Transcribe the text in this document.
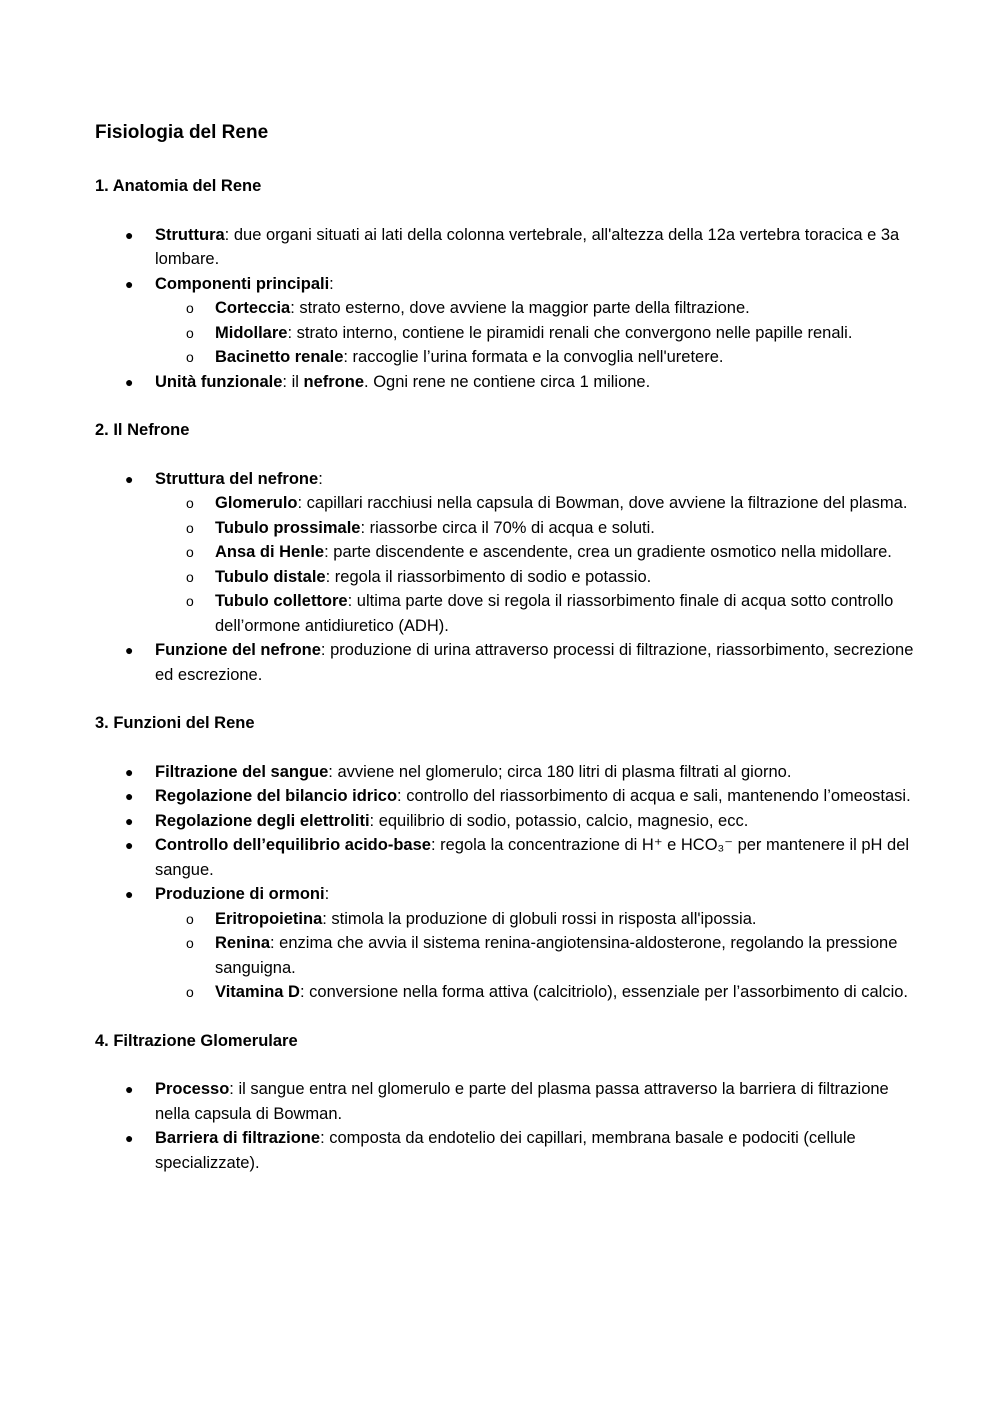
Fisiologia del Rene
1. Anatomia del Rene
● Struttura: due organi situati ai lati della colonna vertebrale, all'altezza della 12a vertebra toracica e 3a lombare.
● Componenti principali:
o Corteccia: strato esterno, dove avviene la maggior parte della filtrazione.
o Midollare: strato interno, contiene le piramidi renali che convergono nelle papille renali.
o Bacinetto renale: raccoglie l’urina formata e la convoglia nell'uretere.
● Unità funzionale: il nefrone. Ogni rene ne contiene circa 1 milione.
2. Il Nefrone
● Struttura del nefrone:
o Glomerulo: capillari racchiusi nella capsula di Bowman, dove avviene la filtrazione del plasma.
o Tubulo prossimale: riassorbe circa il 70% di acqua e soluti.
o Ansa di Henle: parte discendente e ascendente, crea un gradiente osmotico nella midollare.
o Tubulo distale: regola il riassorbimento di sodio e potassio.
o Tubulo collettore: ultima parte dove si regola il riassorbimento finale di acqua sotto controllo dell’ormone antidiuretico (ADH).
● Funzione del nefrone: produzione di urina attraverso processi di filtrazione, riassorbimento, secrezione ed escrezione.
3. Funzioni del Rene
● Filtrazione del sangue: avviene nel glomerulo; circa 180 litri di plasma filtrati al giorno.
● Regolazione del bilancio idrico: controllo del riassorbimento di acqua e sali, mantenendo l’omeostasi.
● Regolazione degli elettroliti: equilibrio di sodio, potassio, calcio, magnesio, ecc.
● Controllo dell’equilibrio acido-base: regola la concentrazione di H⁺ e HCO₃⁻ per mantenere il pH del sangue.
● Produzione di ormoni:
o Eritropoietina: stimola la produzione di globuli rossi in risposta all'ipossia.
o Renina: enzima che avvia il sistema renina-angiotensina-aldosterone, regolando la pressione sanguigna.
o Vitamina D: conversione nella forma attiva (calcitriolo), essenziale per l’assorbimento di calcio.
4. Filtrazione Glomerulare
● Processo: il sangue entra nel glomerulo e parte del plasma passa attraverso la barriera di filtrazione nella capsula di Bowman.
● Barriera di filtrazione: composta da endotelio dei capillari, membrana basale e podociti (cellule specializzate).
